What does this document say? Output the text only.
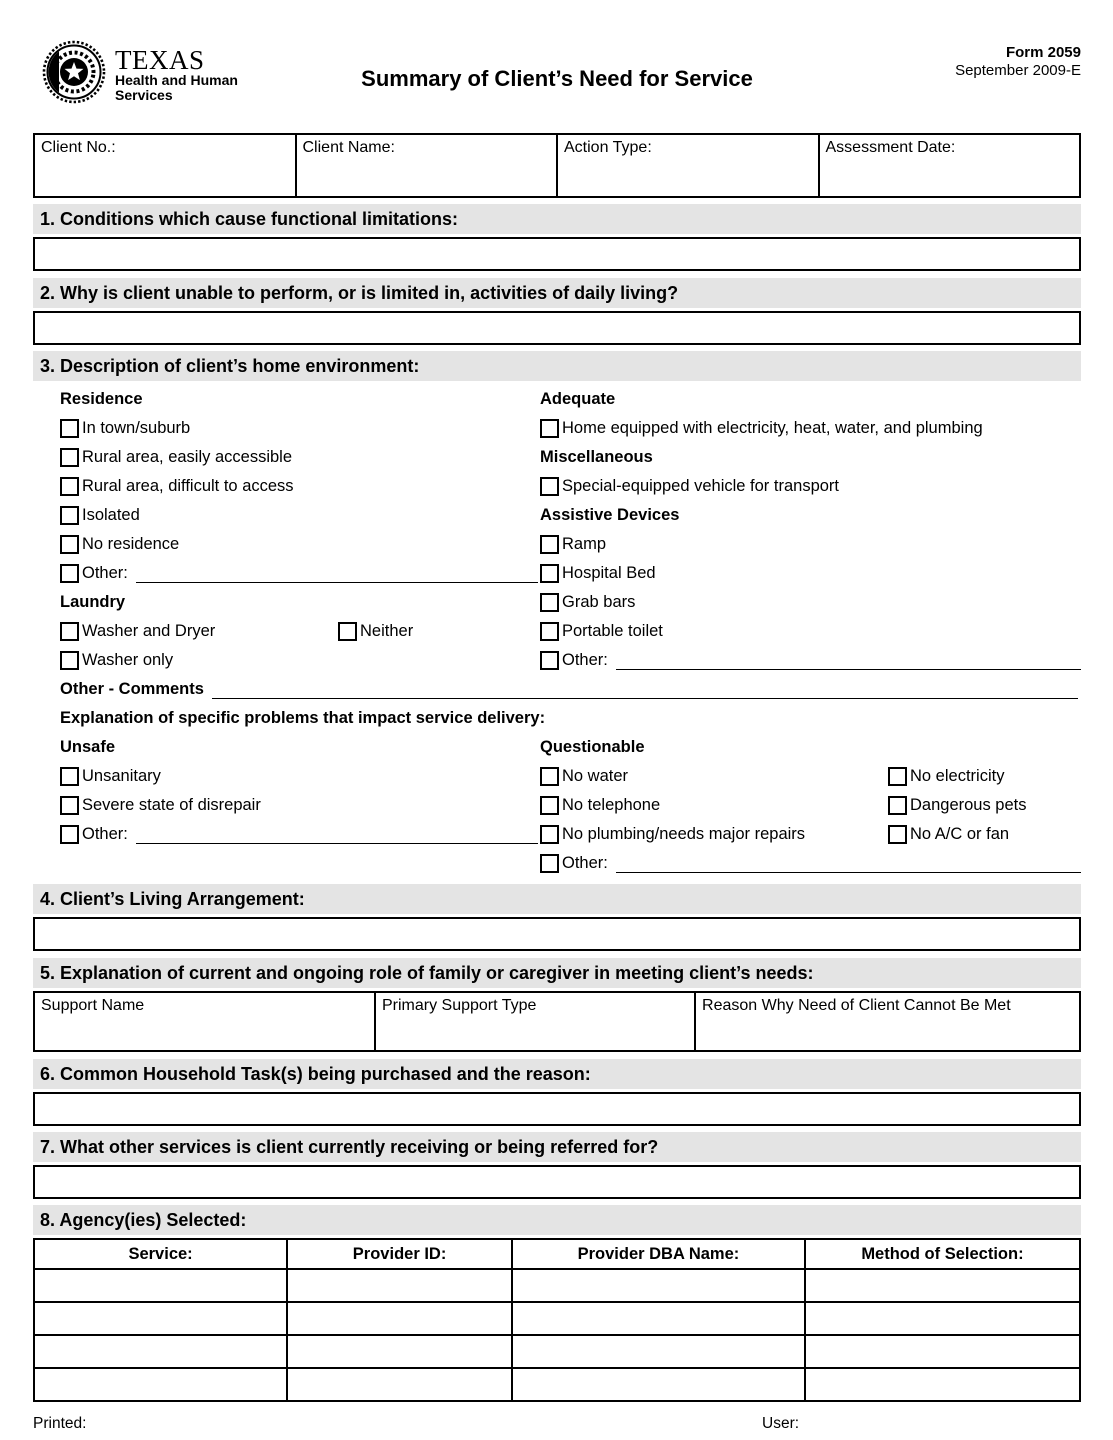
TEXAS
Health and Human
Services
Summary of Client’s Need for Service
Form 2059
September 2009-E
Client No.:	Client Name:	Action Type:	Assessment Date:
1. Conditions which cause functional limitations:
2. Why is client unable to perform, or is limited in, activities of daily living?
3. Description of client’s home environment:
Residence
In town/suburb
Rural area, easily accessible
Rural area, difficult to access
Isolated
No residence
Other:
Laundry
Washer and Dryer	Neither
Washer only
Adequate
Home equipped with electricity, heat, water, and plumbing
Miscellaneous
Special-equipped vehicle for transport
Assistive Devices
Ramp
Hospital Bed
Grab bars
Portable toilet
Other:
Other - Comments
Explanation of specific problems that impact service delivery:
Unsafe
Unsanitary
Severe state of disrepair
Other:
Questionable
No water
No telephone
No plumbing/needs major repairs
Other:
No electricity
Dangerous pets
No A/C or fan
4. Client’s Living Arrangement:
5. Explanation of current and ongoing role of family or caregiver in meeting client’s needs:
Support Name	Primary Support Type	Reason Why Need of Client Cannot Be Met
6. Common Household Task(s) being purchased and the reason:
7. What other services is client currently receiving or being referred for?
8. Agency(ies) Selected:
Service:	Provider ID:	Provider DBA Name:	Method of Selection:

Printed:	User:
